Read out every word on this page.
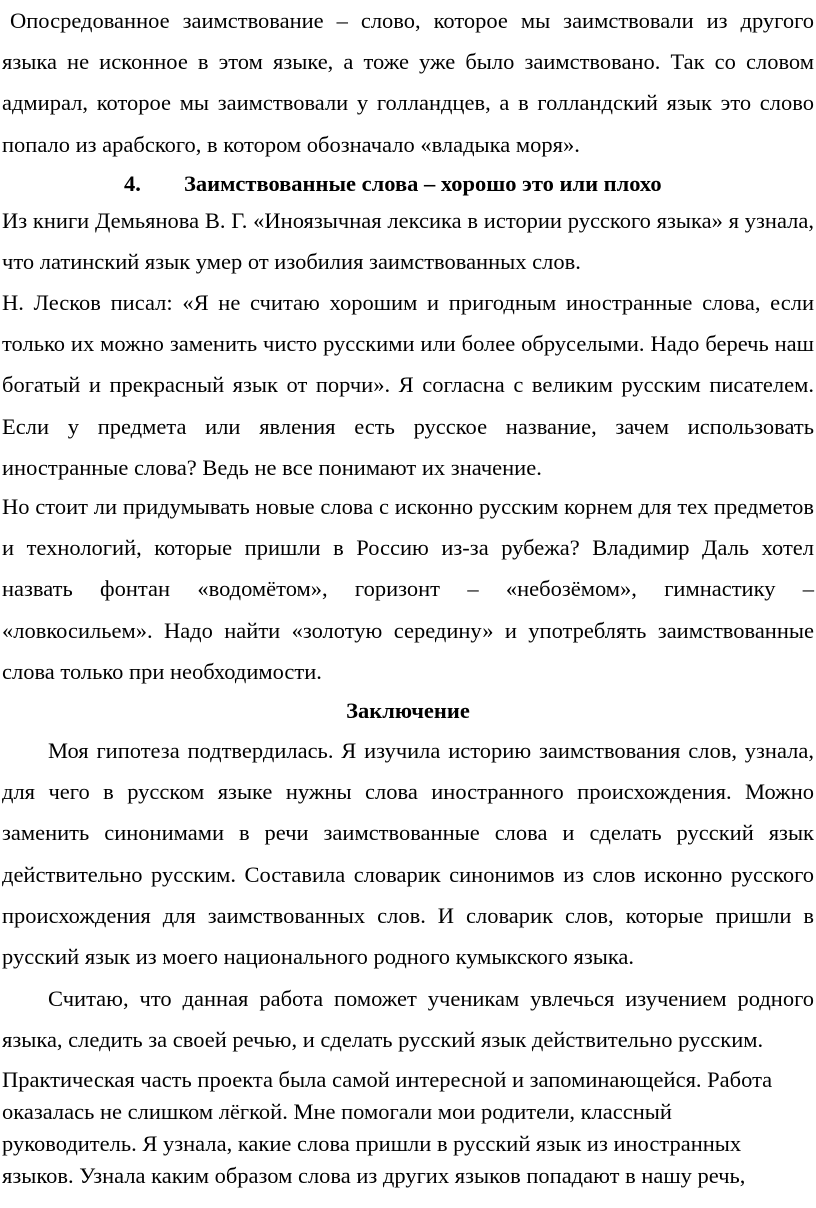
Опосредованное заимствование – слово, которое мы заимствовали из другого языка не исконное в этом языке, а тоже уже было заимствовано. Так со словом адмирал, которое мы заимствовали у голландцев, а в голландский язык это слово попало из арабского, в котором обозначало «владыка моря».

4. Заимствованные слова – хорошо это или плохо

Из книги Демьянова В. Г. «Иноязычная лексика в истории русского языка» я узнала, что латинский язык умер от изобилия заимствованных слов.

Н. Лесков писал: «Я не считаю хорошим и пригодным иностранные слова, если только их можно заменить чисто русскими или более обруселыми. Надо беречь наш богатый и прекрасный язык от порчи». Я согласна с великим русским писателем. Если у предмета или явления есть русское название, зачем использовать иностранные слова? Ведь не все понимают их значение.

Но стоит ли придумывать новые слова с исконно русским корнем для тех предметов и технологий, которые пришли в Россию из-за рубежа? Владимир Даль хотел назвать фонтан «водомётом», горизонт – «небозёмом», гимнастику – «ловкосильем». Надо найти «золотую середину» и употреблять заимствованные слова только при необходимости.

Заключение

Моя гипотеза подтвердилась. Я изучила историю заимствования слов, узнала, для чего в русском языке нужны слова иностранного происхождения. Можно заменить синонимами в речи заимствованные слова и сделать русский язык действительно русским. Составила словарик синонимов из слов исконно русского происхождения для заимствованных слов. И словарик слов, которые пришли в русский язык из моего национального родного кумыкского языка.

Считаю, что данная работа поможет ученикам увлечься изучением родного языка, следить за своей речью, и сделать русский язык действительно русским.

Практическая часть проекта была самой интересной и запоминающейся. Работа оказалась не слишком лёгкой. Мне помогали мои родители, классный руководитель. Я узнала, какие слова пришли в русский язык из иностранных языков. Узнала каким образом слова из других языков попадают в нашу речь,
